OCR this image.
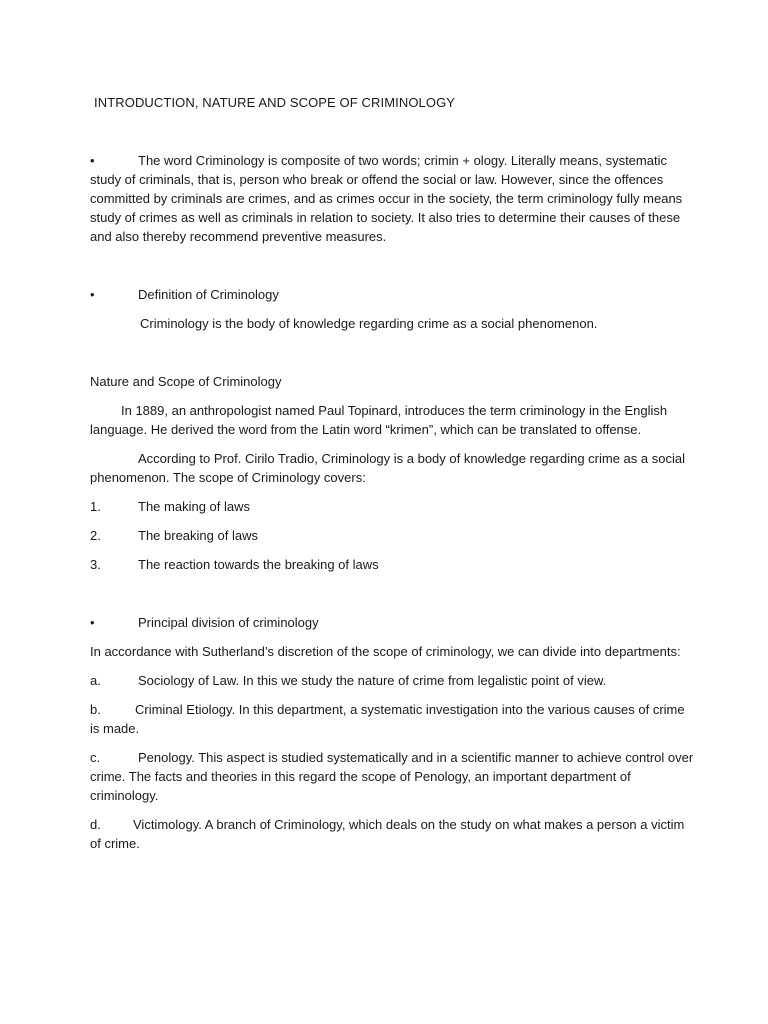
INTRODUCTION, NATURE AND SCOPE OF CRIMINOLOGY
•	The word Criminology is composite of two words; crimin + ology. Literally means, systematic
study of criminals, that is, person who break or offend the social or law. However, since the offences
committed by criminals are crimes, and as crimes occur in the society, the term criminology fully means
study of crimes as well as criminals in relation to society. It also tries to determine their causes of these
and also thereby recommend preventive measures.
•	Definition of Criminology
Criminology is the body of knowledge regarding crime as a social phenomenon.
Nature and Scope of Criminology
In 1889, an anthropologist named Paul Topinard, introduces the term criminology in the English
language. He derived the word from the Latin word “krimen”, which can be translated to offense.
According to Prof. Cirilo Tradio, Criminology is a body of knowledge regarding crime as a social
phenomenon. The scope of Criminology covers:
1.	The making of laws
2.	The breaking of laws
3.	The reaction towards the breaking of laws
•	Principal division of criminology
In accordance with Sutherland’s discretion of the scope of criminology, we can divide into departments:
a.	Sociology of Law. In this we study the nature of crime from legalistic point of view.
b.	Criminal Etiology. In this department, a systematic investigation into the various causes of crime
is made.
c.	Penology. This aspect is studied systematically and in a scientific manner to achieve control over
crime. The facts and theories in this regard the scope of Penology, an important department of
criminology.
d. Victimology. A branch of Criminology, which deals on the study on what makes a person a victim
of crime.
